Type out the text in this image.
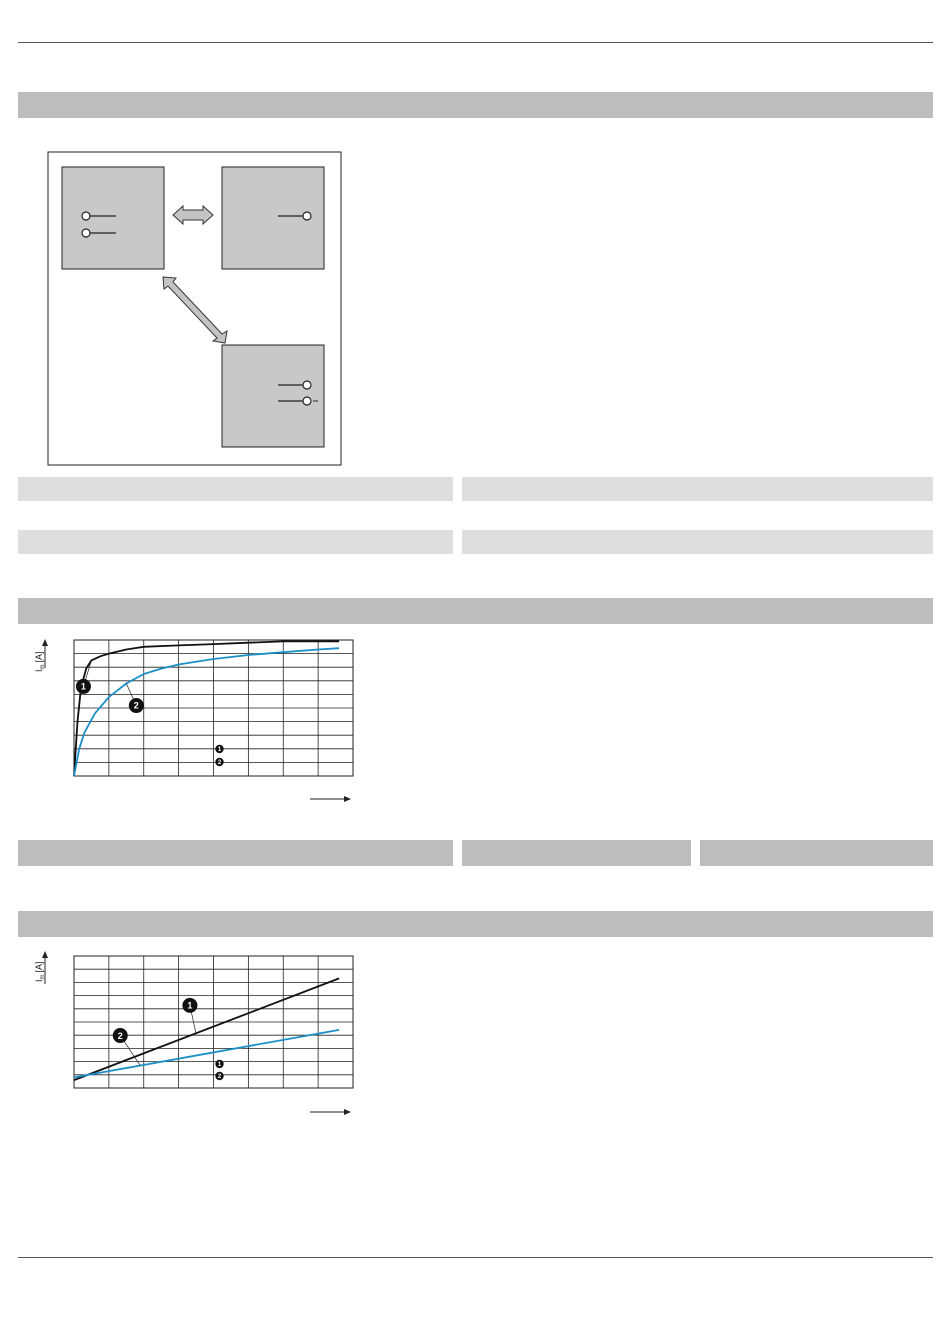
$I_m[A]$
1
2
1
2
$I_m[A]$
1
2
1
2
